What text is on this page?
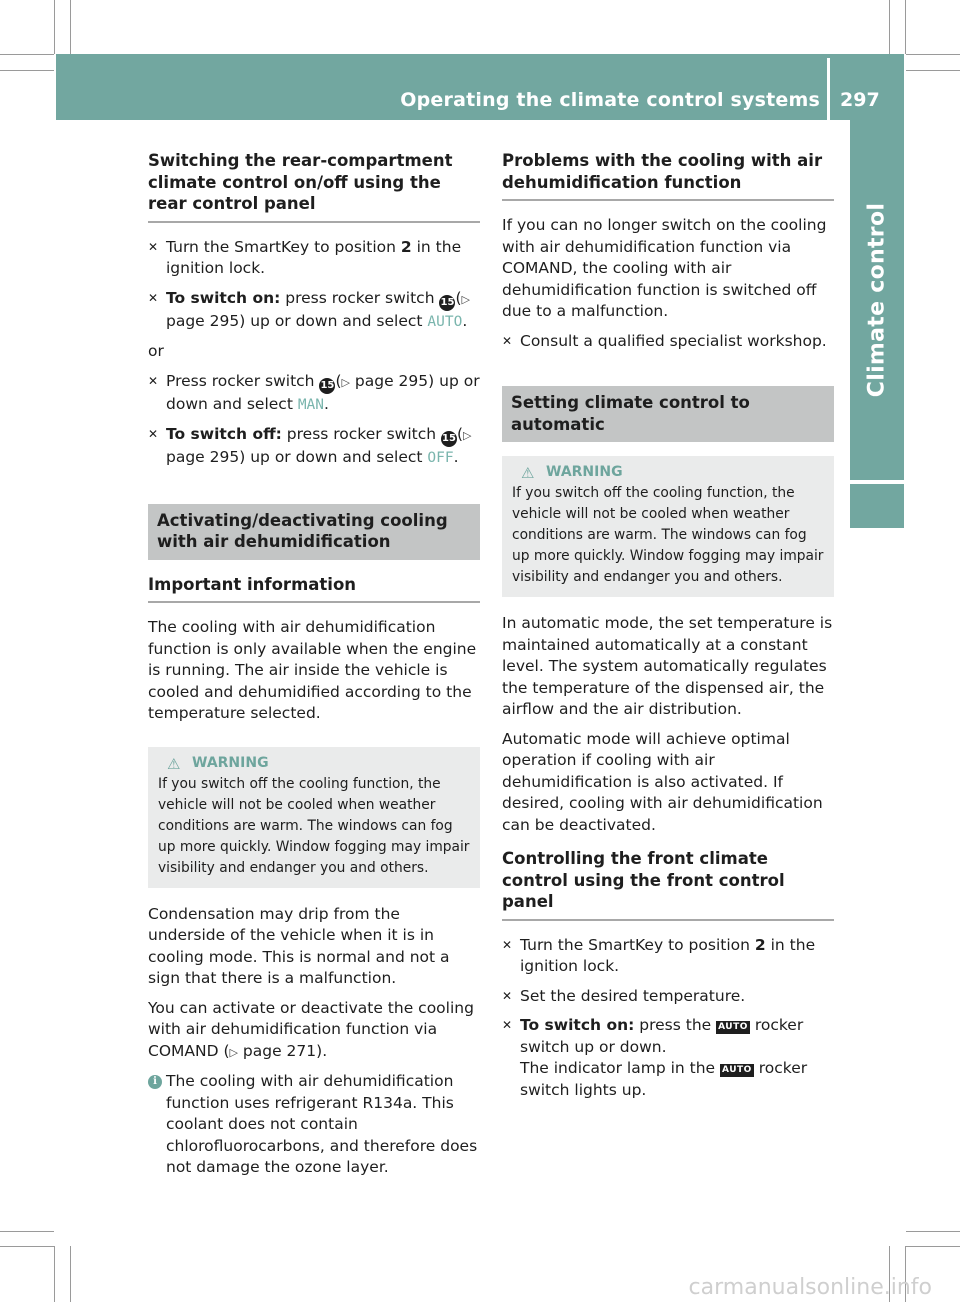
Operating the climate control systems 297
Climate control
Switching the rear-compartment climate control on/off using the rear control panel
✕ Turn the SmartKey to position 2 in the ignition lock.
✕ To switch on: press rocker switch 15(▷ page 295) up or down and select AUTO.

or

✕ Press rocker switch 15(▷ page 295) up or down and select MAN.
✕ To switch off: press rocker switch 15(▷ page 295) up or down and select OFF.
Activating/deactivating cooling with air dehumidification
Important information

The cooling with air dehumidification function is only available when the engine is running. The air inside the vehicle is cooled and dehumidified according to the temperature selected.

⚠ WARNING
If you switch off the cooling function, the vehicle will not be cooled when weather conditions are warm. The windows can fog up more quickly. Window fogging may impair visibility and endanger you and others.

Condensation may drip from the underside of the vehicle when it is in cooling mode. This is normal and not a sign that there is a malfunction.

You can activate or deactivate the cooling with air dehumidification function via COMAND (▷ page 271).

i The cooling with air dehumidification function uses refrigerant R134a. This coolant does not contain chlorofluorocarbons, and therefore does not damage the ozone layer.
Problems with the cooling with air dehumidification function

If you can no longer switch on the cooling with air dehumidification function via COMAND, the cooling with air dehumidification function is switched off due to a malfunction.

✕ Consult a qualified specialist workshop.
Setting climate control to automatic
⚠ WARNING
If you switch off the cooling function, the vehicle will not be cooled when weather conditions are warm. The windows can fog up more quickly. Window fogging may impair visibility and endanger you and others.

In automatic mode, the set temperature is maintained automatically at a constant level. The system automatically regulates the temperature of the dispensed air, the airflow and the air distribution.

Automatic mode will achieve optimal operation if cooling with air dehumidification is also activated. If desired, cooling with air dehumidification can be deactivated.

Controlling the front climate control using the front control panel
✕ Turn the SmartKey to position 2 in the ignition lock.
✕ Set the desired temperature.
✕ To switch on: press the AUTO rocker switch up or down.
The indicator lamp in the AUTO rocker switch lights up.
carmanualsonline.info
